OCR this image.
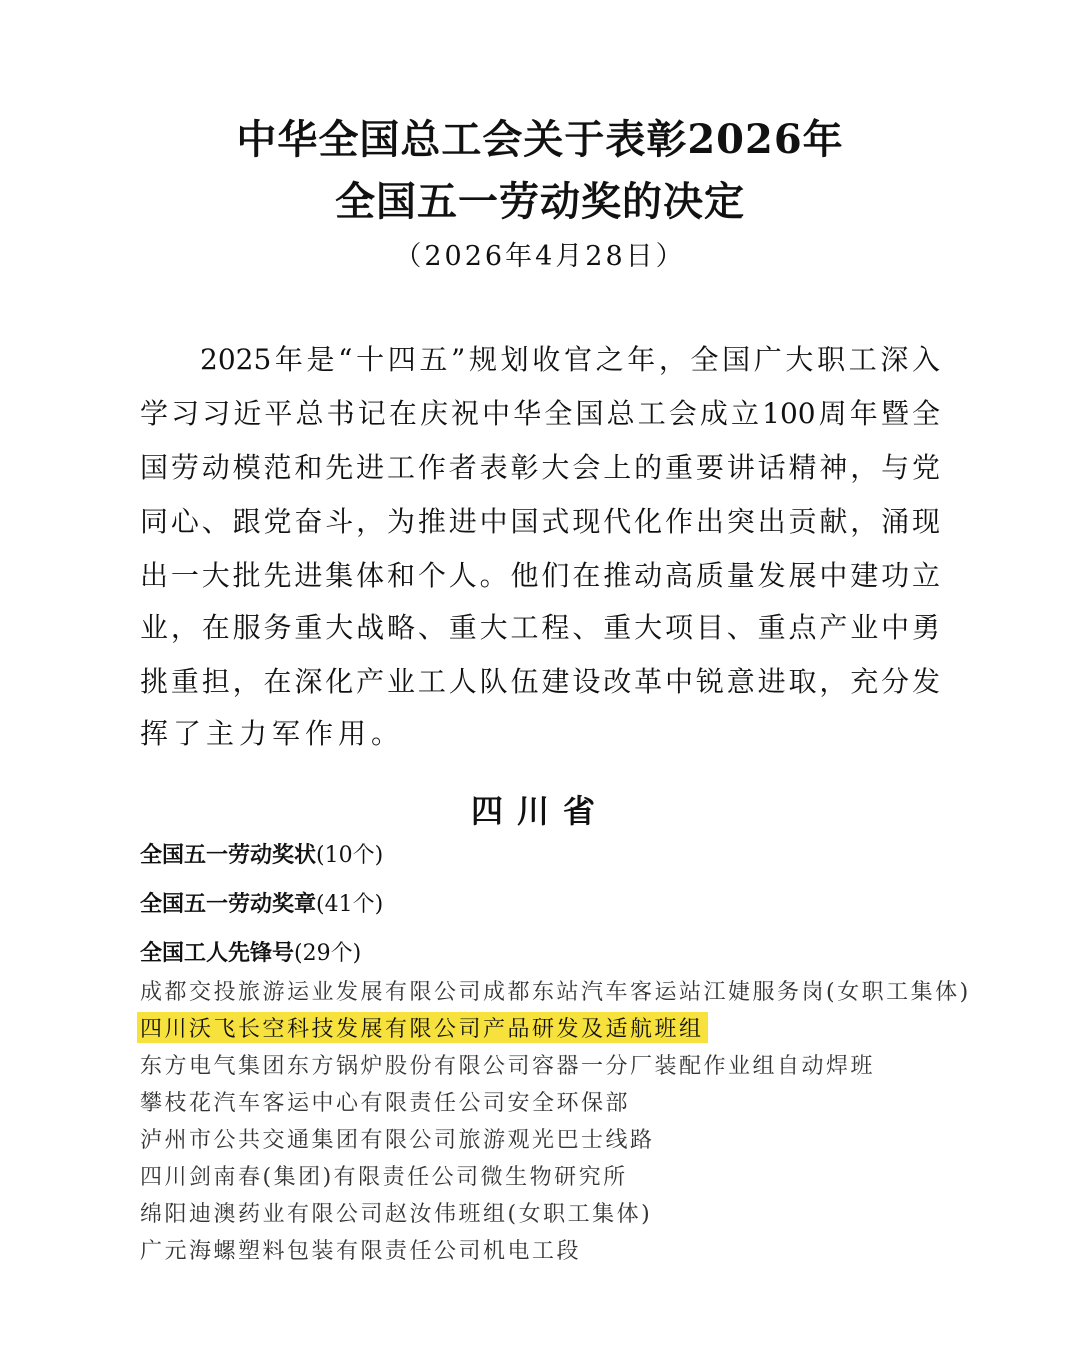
中华全国总工会关于表彰2026年
全国五一劳动奖的决定
（2026年4月28日）
2025年是“十四五”规划收官之年，全国广大职工深入
学习习近平总书记在庆祝中华全国总工会成立100周年暨全
国劳动模范和先进工作者表彰大会上的重要讲话精神，与党
同心、跟党奋斗，为推进中国式现代化作出突出贡献，涌现
出一大批先进集体和个人。他们在推动高质量发展中建功立
业，在服务重大战略、重大工程、重大项目、重点产业中勇
挑重担，在深化产业工人队伍建设改革中锐意进取，充分发
挥了主力军作用。
四川省
全国五一劳动奖状(10个)
全国五一劳动奖章(41个)
全国工人先锋号(29个)
成都交投旅游运业发展有限公司成都东站汽车客运站江婕服务岗(女职工集体)
四川沃飞长空科技发展有限公司产品研发及适航班组
东方电气集团东方锅炉股份有限公司容器一分厂装配作业组自动焊班
攀枝花汽车客运中心有限责任公司安全环保部
泸州市公共交通集团有限公司旅游观光巴士线路
四川剑南春(集团)有限责任公司微生物研究所
绵阳迪澳药业有限公司赵汝伟班组(女职工集体)
广元海螺塑料包装有限责任公司机电工段
